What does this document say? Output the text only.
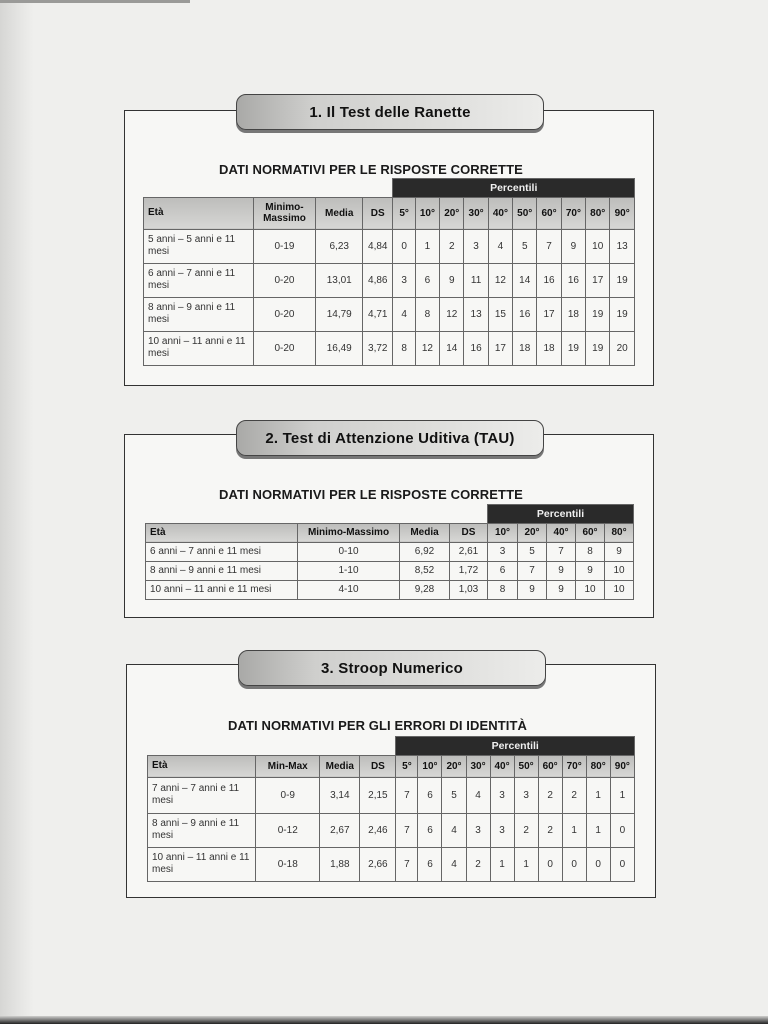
1. Il Test delle Ranette
DATI NORMATIVI PER LE RISPOSTE CORRETTE
				Percentili									
Età	Minimo-Massimo	Media	DS	5°	10°	20°	30°	40°	50°	60°	70°	80°	90°
5 anni – 5 anni e 11 mesi	0-19	6,23	4,84	0	1	2	3	4	5	7	9	10	13
6 anni – 7 anni e 11 mesi	0-20	13,01	4,86	3	6	9	11	12	14	16	16	17	19
8 anni – 9 anni e 11 mesi	0-20	14,79	4,71	4	8	12	13	15	16	17	18	19	19
10 anni – 11 anni e 11 mesi	0-20	16,49	3,72	8	12	14	16	17	18	18	19	19	20
2. Test di Attenzione Uditiva (TAU)
DATI NORMATIVI PER LE RISPOSTE CORRETTE
				Percentili				
Età	Minimo-Massimo	Media	DS	10°	20°	40°	60°	80°
6 anni – 7 anni e 11 mesi	0-10	6,92	2,61	3	5	7	8	9
8 anni – 9 anni e 11 mesi	1-10	8,52	1,72	6	7	9	9	10
10 anni – 11 anni e 11 mesi	4-10	9,28	1,03	8	9	9	10	10
3. Stroop Numerico
DATI NORMATIVI PER GLI ERRORI DI IDENTITÀ
				Percentili									
Età	Min-Max	Media	DS	5°	10°	20°	30°	40°	50°	60°	70°	80°	90°
7 anni – 7 anni e 11 mesi	0-9	3,14	2,15	7	6	5	4	3	3	2	2	1	1
8 anni – 9 anni e 11 mesi	0-12	2,67	2,46	7	6	4	3	3	2	2	1	1	0
10 anni – 11 anni e 11 mesi	0-18	1,88	2,66	7	6	4	2	1	1	0	0	0	0
